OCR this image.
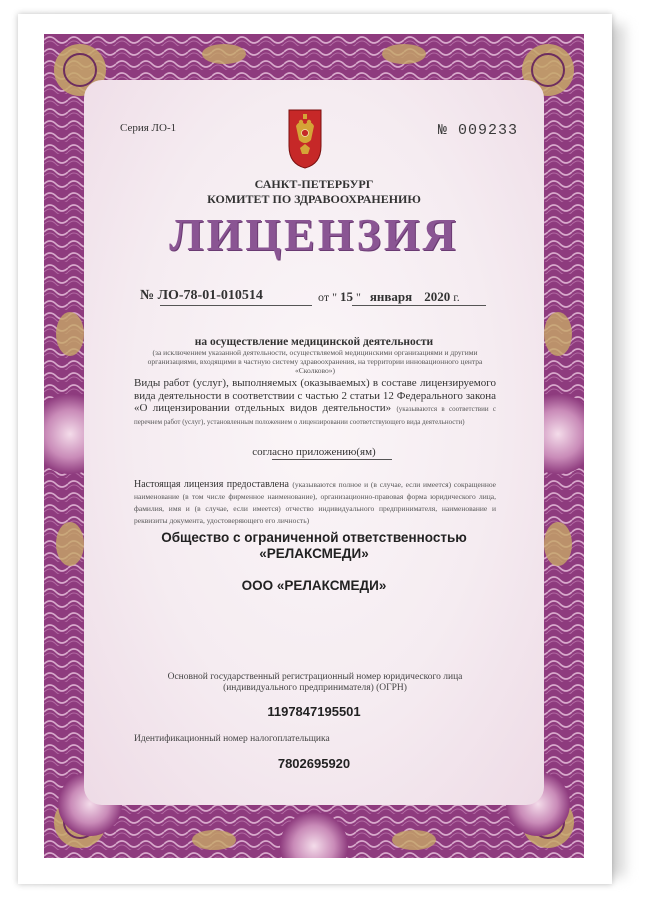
Серия ЛО-1	№ 009233
САНКТ-ПЕТЕРБУРГ
КОМИТЕТ ПО ЗДРАВООХРАНЕНИЮ
ЛИЦЕНЗИЯ
№ ЛО-78-01-010514	от " 15 " января 2020 г.
на осуществление медицинской деятельности
(за исключением указанной деятельности, осуществляемой медицинскими организациями и другими организациями, входящими в частную систему здравоохранения, на территории инновационного центра «Сколково»)
Виды работ (услуг), выполняемых (оказываемых) в составе лицензируемого вида деятельности в соответствии с частью 2 статьи 12 Федерального закона «О лицензировании отдельных видов деятельности» (указываются в соответствии с перечнем работ (услуг), установленным положением о лицензировании соответствующего вида деятельности)
согласно приложению(ям)
Настоящая лицензия предоставлена (указываются полное и (в случае, если имеется) сокращенное наименование (в том числе фирменное наименование), организационно-правовая форма юридического лица, фамилия, имя и (в случае, если имеется) отчество индивидуального предпринимателя, наименование и реквизиты документа, удостоверяющего его личность)
Общество с ограниченной ответственностью
«РЕЛАКСМЕДИ»
ООО «РЕЛАКСМЕДИ»
Основной государственный регистрационный номер юридического лица
(индивидуального предпринимателя) (ОГРН)
1197847195501
Идентификационный номер налогоплательщика
7802695920
